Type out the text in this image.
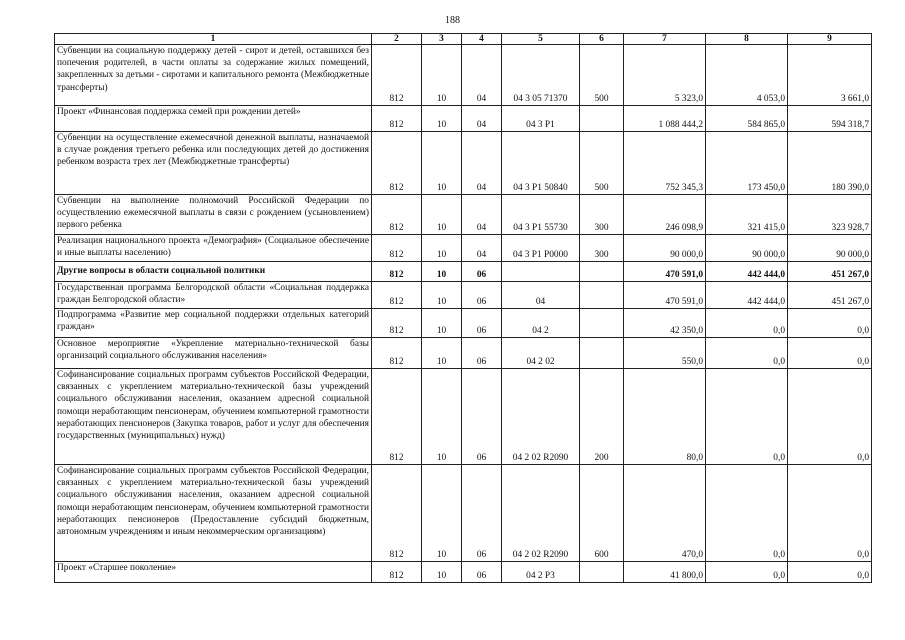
188
1	2	3	4	5	6	7	8	9
Субвенции на социальную поддержку детей - сирот и детей, оставшихся без попечения родителей, в части оплаты за содержание жилых помещений, закрепленных за детьми - сиротами и капитального ремонта (Межбюджетные трансферты)	812	10	04	04 3 05 71370	500	5 323,0	4 053,0	3 661,0
Проект «Финансовая поддержка семей при рождении детей»	812	10	04	04 3 P1		1 088 444,2	584 865,0	594 318,7
Субвенции на осуществление ежемесячной денежной выплаты, назначаемой в случае рождения третьего ребенка или последующих детей до достижения ребенком возраста трех лет (Межбюджетные трансферты)	812	10	04	04 3 P1 50840	500	752 345,3	173 450,0	180 390,0
Субвенции на выполнение полномочий Российской Федерации по осуществлению ежемесячной выплаты в связи с рождением (усыновлением) первого ребенка	812	10	04	04 3 P1 55730	300	246 098,9	321 415,0	323 928,7
Реализация национального проекта «Демография» (Социальное обеспечение и иные выплаты населению)	812	10	04	04 3 P1 P0000	300	90 000,0	90 000,0	90 000,0
Другие вопросы в области социальной политики	812	10	06			470 591,0	442 444,0	451 267,0
Государственная программа Белгородской области «Социальная поддержка граждан Белгородской области»	812	10	06	04		470 591,0	442 444,0	451 267,0
Подпрограмма «Развитие мер социальной поддержки отдельных категорий граждан»	812	10	06	04 2		42 350,0	0,0	0,0
Основное мероприятие «Укрепление материально-технической базы организаций социального обслуживания населения»	812	10	06	04 2 02		550,0	0,0	0,0
Софинансирование социальных программ субъектов Российской Федерации, связанных с укреплением материально-технической базы учреждений социального обслуживания населения, оказанием адресной социальной помощи неработающим пенсионерам, обучением компьютерной грамотности неработающих пенсионеров (Закупка товаров, работ и услуг для обеспечения государственных (муниципальных) нужд)	812	10	06	04 2 02 R2090	200	80,0	0,0	0,0
Софинансирование социальных программ субъектов Российской Федерации, связанных с укреплением материально-технической базы учреждений социального обслуживания населения, оказанием адресной социальной помощи неработающим пенсионерам, обучением компьютерной грамотности неработающих пенсионеров (Предоставление субсидий бюджетным, автономным учреждениям и иным некоммерческим организациям)	812	10	06	04 2 02 R2090	600	470,0	0,0	0,0
Проект «Старшее поколение»	812	10	06	04 2 P3		41 800,0	0,0	0,0
